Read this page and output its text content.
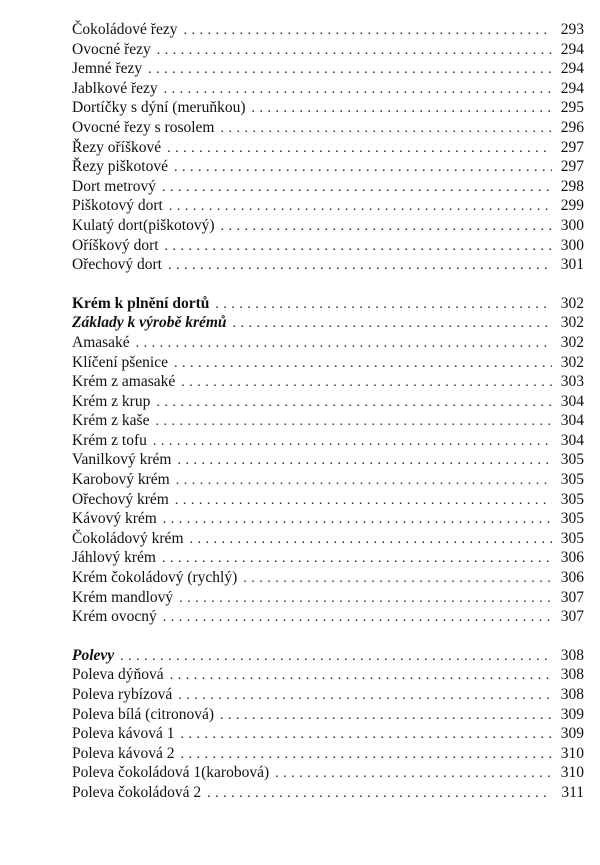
Čokoládové řezy . . .	293
Ovocné řezy . . .	294
Jemné řezy . . .	294
Jablkové řezy . . .	294
Dortíčky s dýní (meruňkou) . . .	295
Ovocné řezy s rosolem . . .	296
Řezy oříškové . . .	297
Řezy piškotové . . .	297
Dort metrový . . .	298
Piškotový dort . . .	299
Kulatý dort(piškotový) . . .	300
Oříškový dort . . .	300
Ořechový dort . . .	301
Krém k plnění dortů . . .	302
Základy k výrobě krémů . . .	302
Amasaké . . .	302
Klíčení pšenice . . .	302
Krém z amasaké . . .	303
Krém z krup . . .	304
Krém z kaše . . .	304
Krém z tofu . . .	304
Vanilkový krém . . .	305
Karobový krém . . .	305
Ořechový krém . . .	305
Kávový krém . . .	305
Čokoládový krém . . .	305
Jáhlový krém . . .	306
Krém čokoládový (rychlý) . . .	306
Krém mandlový . . .	307
Krém ovocný . . .	307
Polevy . . .	308
Poleva dýňová . . .	308
Poleva rybízová . . .	308
Poleva bílá (citronová) . . .	309
Poleva kávová 1 . . .	309
Poleva kávová 2 . . .	310
Poleva čokoládová 1(karobová) . . .	310
Poleva čokoládová 2 . . .	311
